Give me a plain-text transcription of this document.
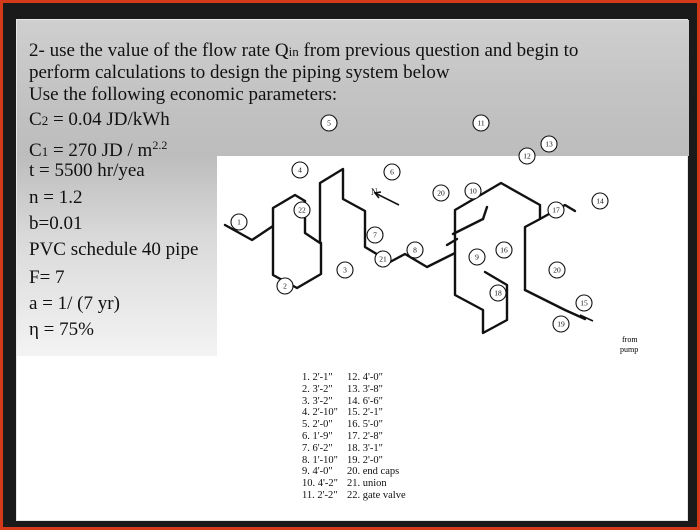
2- use the value of the flow rate Qin from previous question and begin to
perform calculations to design the piping system below
Use the following economic parameters:
C2 = 0.04 JD/kWh
C1 = 270 JD / $m^{2.2}$
t = 5500 hr/yea
n = 1.2
b=0.01
PVC schedule 40 pipe
F= 7
a = 1/ (7 yr)
η = 75%
N
from
pump
1
2
3
4
5
6
7
8
9
10
11
12
13
14
15
16
17
18
19
20
20
21
22
1. 2'-1"
2. 3'-2"
3. 3'-2"
4. 2'-10"
5. 2'-0"
6. 1'-9"
7. 6'-2"
8. 1'-10"
9. 4'-0"
10. 4'-2"
11. 2'-2"
12. 4'-0"
13. 3'-8"
14. 6'-6"
15. 2'-1"
16. 5'-0"
17. 2'-8"
18. 3'-1"
19. 2'-0"
20. end caps
21. union
22. gate valve
